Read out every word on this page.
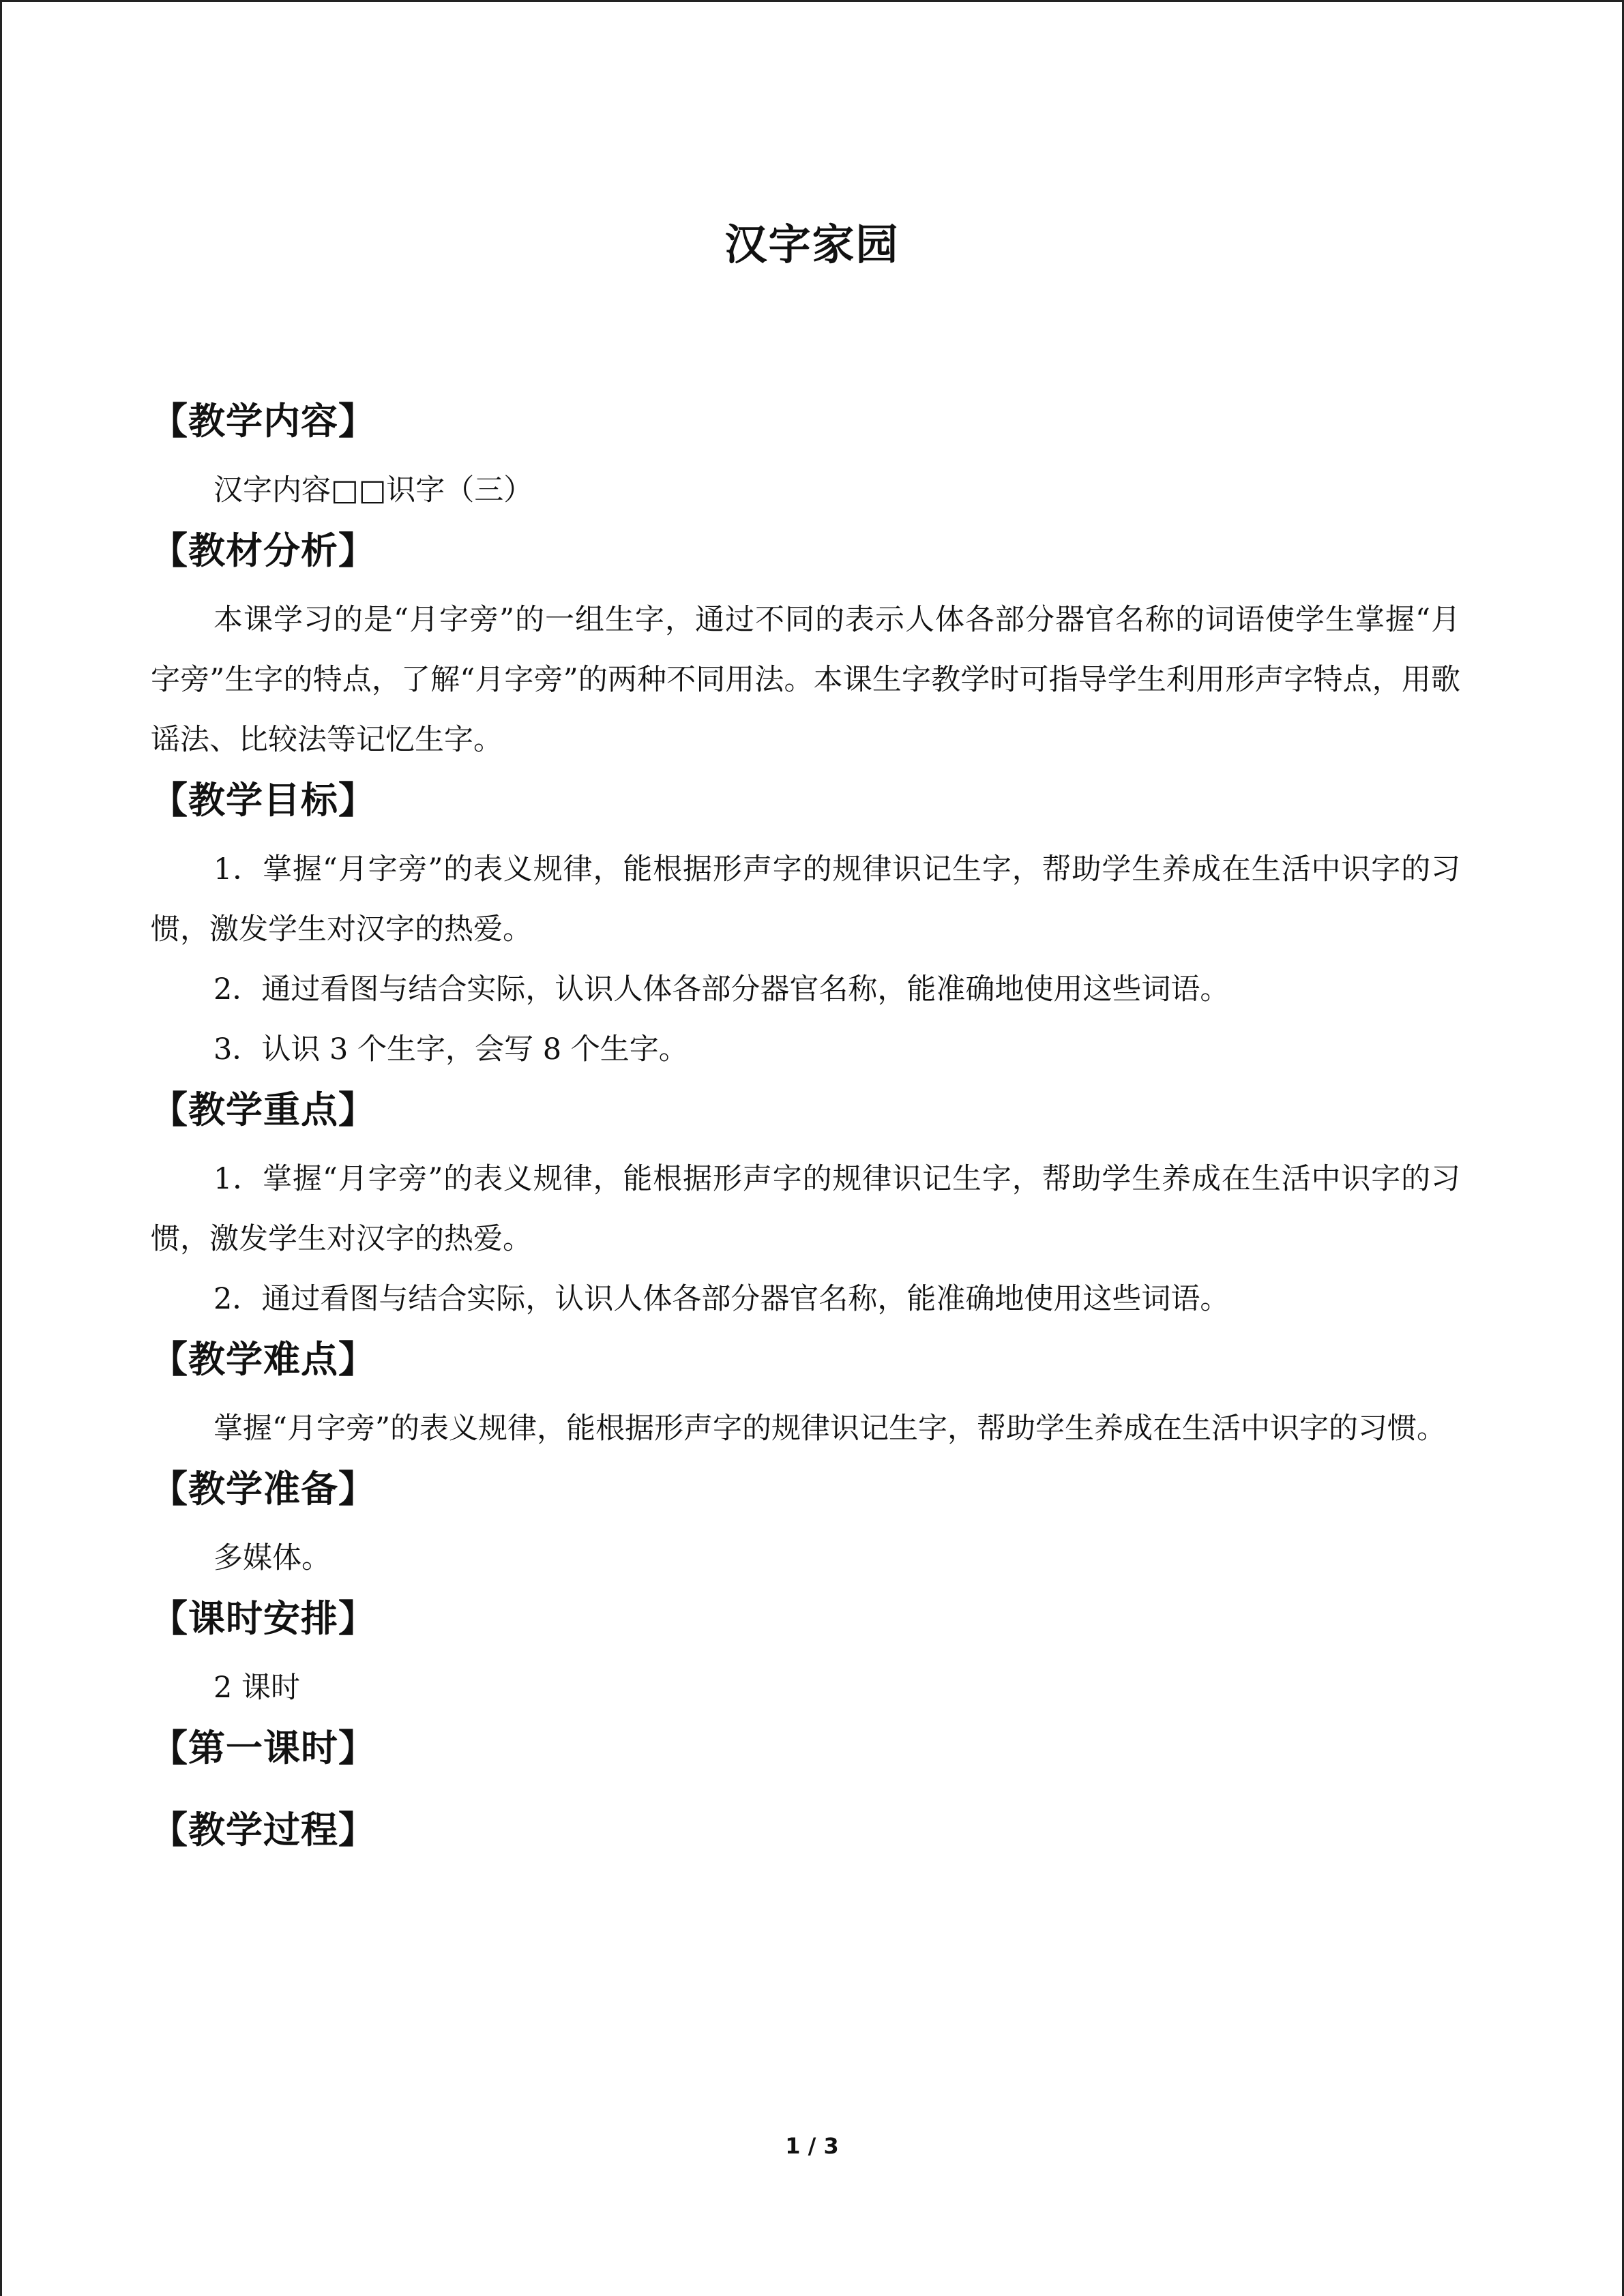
汉字家园
【教学内容】

汉字内容□□识字（三）

【教材分析】

本课学习的是“月字旁”的一组生字，通过不同的表示人体各部分器官名称的词语使学生掌握“月字旁”生字的特点，了解“月字旁”的两种不同用法。本课生字教学时可指导学生利用形声字特点，用歌谣法、比较法等记忆生字。

【教学目标】

1．掌握“月字旁”的表义规律，能根据形声字的规律识记生字，帮助学生养成在生活中识字的习惯，激发学生对汉字的热爱。

2．通过看图与结合实际，认识人体各部分器官名称，能准确地使用这些词语。

3．认识 3 个生字，会写 8 个生字。

【教学重点】

1．掌握“月字旁”的表义规律，能根据形声字的规律识记生字，帮助学生养成在生活中识字的习惯，激发学生对汉字的热爱。

2．通过看图与结合实际，认识人体各部分器官名称，能准确地使用这些词语。

【教学难点】

掌握“月字旁”的表义规律，能根据形声字的规律识记生字，帮助学生养成在生活中识字的习惯。

【教学准备】

多媒体。

【课时安排】

2 课时

【第一课时】
【教学过程】
1 / 3
